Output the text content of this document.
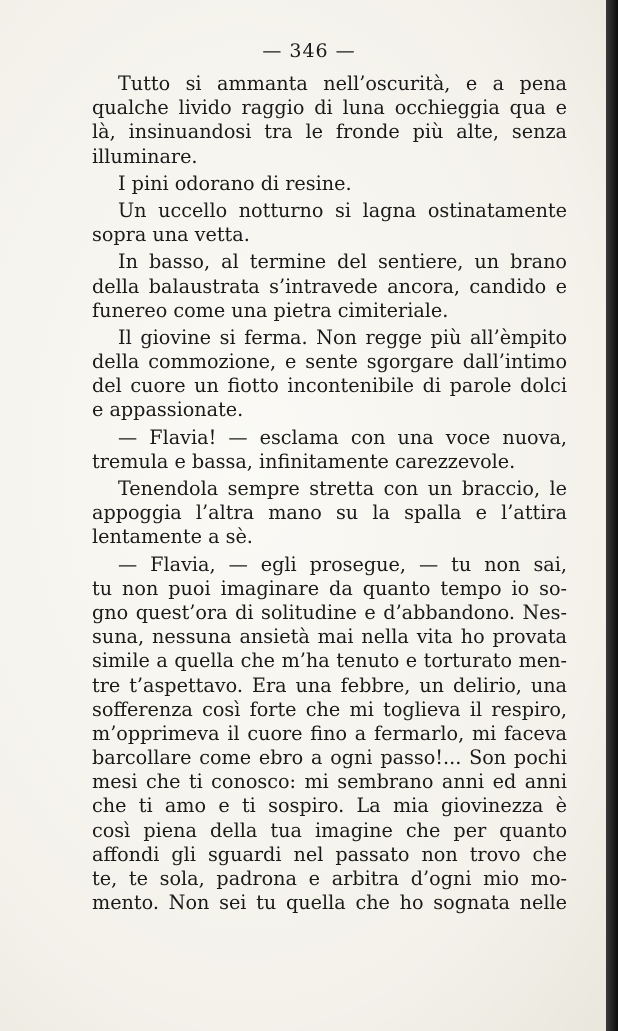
— 346 —
Tutto si ammanta nell’oscurità, e a pena
qualche livido raggio di luna occhieggia qua e
là, insinuandosi tra le fronde più alte, senza
illuminare.
I pini odorano di resine.
Un uccello notturno si lagna ostinatamente
sopra una vetta.
In basso, al termine del sentiere, un brano
della balaustrata s’intravede ancora, candido e
funereo come una pietra cimiteriale.
Il giovine si ferma. Non regge più all’èmpito
della commozione, e sente sgorgare dall’intimo
del cuore un fiotto incontenibile di parole dolci
e appassionate.
— Flavia! — esclama con una voce nuova,
tremula e bassa, infinitamente carezzevole.
Tenendola sempre stretta con un braccio, le
appoggia l’altra mano su la spalla e l’attira
lentamente a sè.
— Flavia, — egli prosegue, — tu non sai,
tu non puoi imaginare da quanto tempo io so-
gno quest’ora di solitudine e d’abbandono. Nes-
suna, nessuna ansietà mai nella vita ho provata
simile a quella che m’ha tenuto e torturato men-
tre t’aspettavo. Era una febbre, un delirio, una
sofferenza così forte che mi toglieva il respiro,
m’opprimeva il cuore fino a fermarlo, mi faceva
barcollare come ebro a ogni passo!... Son pochi
mesi che ti conosco: mi sembrano anni ed anni
che ti amo e ti sospiro. La mia giovinezza è
così piena della tua imagine che per quanto
affondi gli sguardi nel passato non trovo che
te, te sola, padrona e arbitra d’ogni mio mo-
mento. Non sei tu quella che ho sognata nelle
